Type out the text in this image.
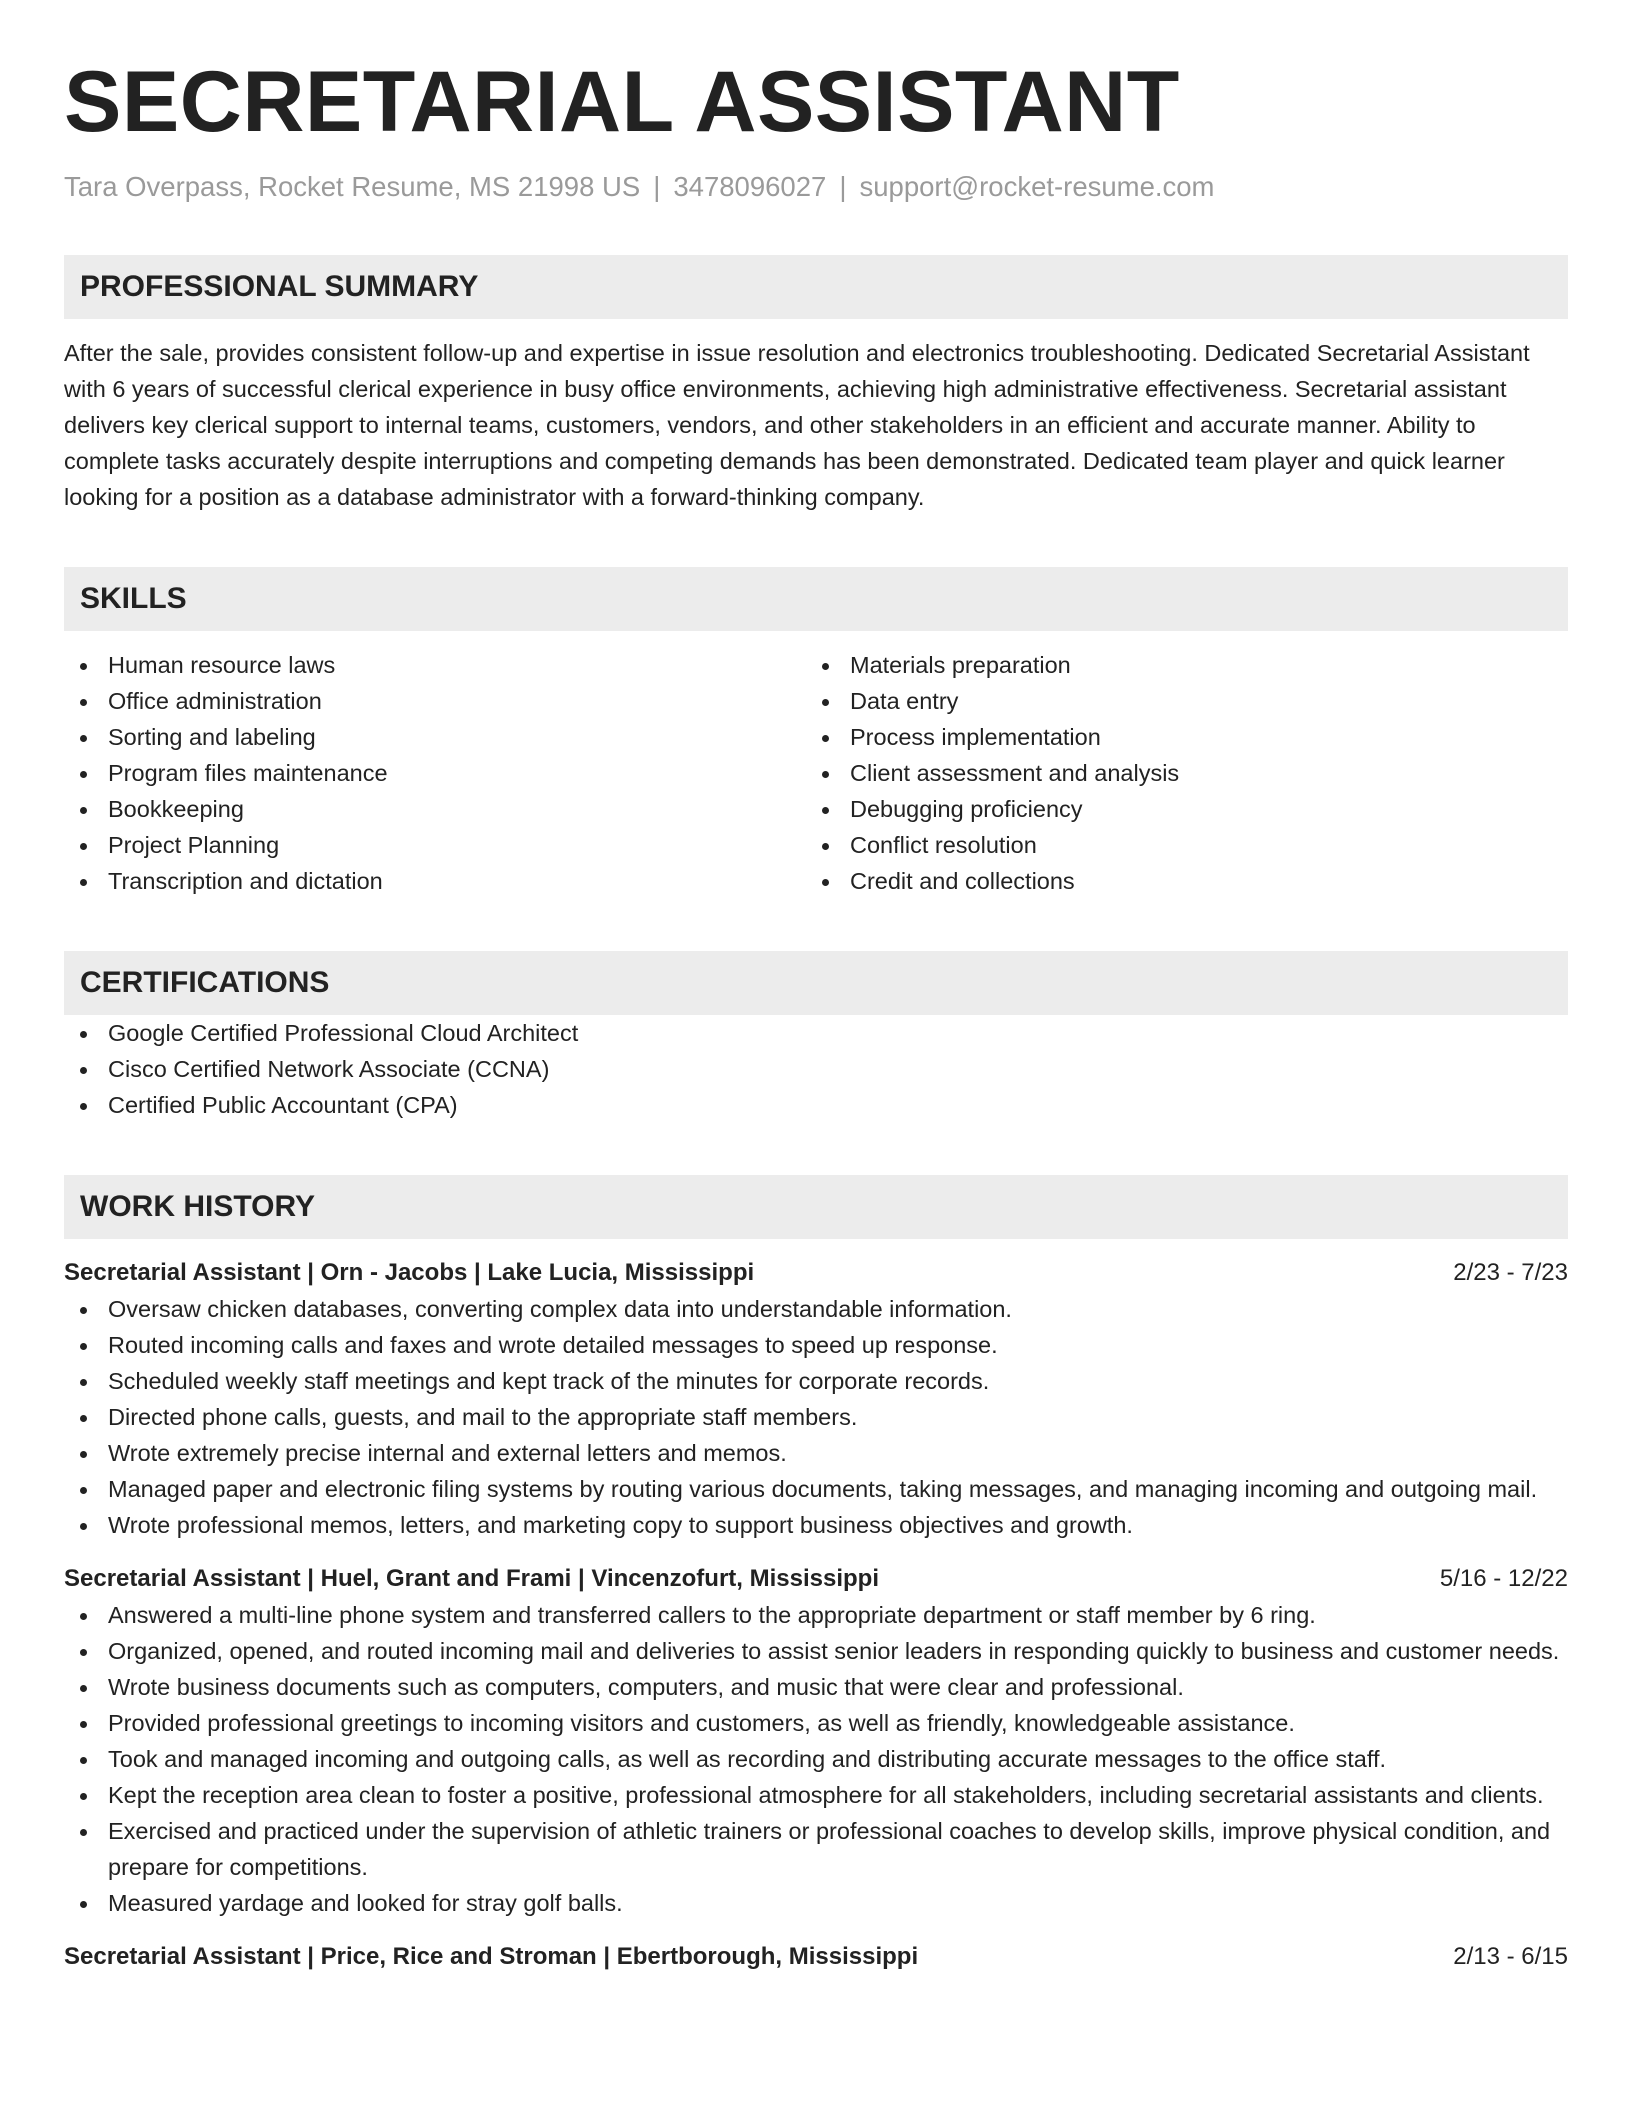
SECRETARIAL ASSISTANT
Tara Overpass, Rocket Resume, MS 21998 US | 3478096027 | support@rocket-resume.com
PROFESSIONAL SUMMARY
After the sale, provides consistent follow-up and expertise in issue resolution and electronics troubleshooting. Dedicated Secretarial Assistant with 6 years of successful clerical experience in busy office environments, achieving high administrative effectiveness. Secretarial assistant delivers key clerical support to internal teams, customers, vendors, and other stakeholders in an efficient and accurate manner. Ability to complete tasks accurately despite interruptions and competing demands has been demonstrated. Dedicated team player and quick learner looking for a position as a database administrator with a forward-thinking company.
SKILLS
Human resource laws
Office administration
Sorting and labeling
Program files maintenance
Bookkeeping
Project Planning
Transcription and dictation
Materials preparation
Data entry
Process implementation
Client assessment and analysis
Debugging proficiency
Conflict resolution
Credit and collections
CERTIFICATIONS
Google Certified Professional Cloud Architect
Cisco Certified Network Associate (CCNA)
Certified Public Accountant (CPA)
WORK HISTORY
Secretarial Assistant | Orn - Jacobs | Lake Lucia, Mississippi	2/23 - 7/23
Oversaw chicken databases, converting complex data into understandable information.
Routed incoming calls and faxes and wrote detailed messages to speed up response.
Scheduled weekly staff meetings and kept track of the minutes for corporate records.
Directed phone calls, guests, and mail to the appropriate staff members.
Wrote extremely precise internal and external letters and memos.
Managed paper and electronic filing systems by routing various documents, taking messages, and managing incoming and outgoing mail.
Wrote professional memos, letters, and marketing copy to support business objectives and growth.
Secretarial Assistant | Huel, Grant and Frami | Vincenzofurt, Mississippi	5/16 - 12/22
Answered a multi-line phone system and transferred callers to the appropriate department or staff member by 6 ring.
Organized, opened, and routed incoming mail and deliveries to assist senior leaders in responding quickly to business and customer needs.
Wrote business documents such as computers, computers, and music that were clear and professional.
Provided professional greetings to incoming visitors and customers, as well as friendly, knowledgeable assistance.
Took and managed incoming and outgoing calls, as well as recording and distributing accurate messages to the office staff.
Kept the reception area clean to foster a positive, professional atmosphere for all stakeholders, including secretarial assistants and clients.
Exercised and practiced under the supervision of athletic trainers or professional coaches to develop skills, improve physical condition, and prepare for competitions.
Measured yardage and looked for stray golf balls.
Secretarial Assistant | Price, Rice and Stroman | Ebertborough, Mississippi	2/13 - 6/15
